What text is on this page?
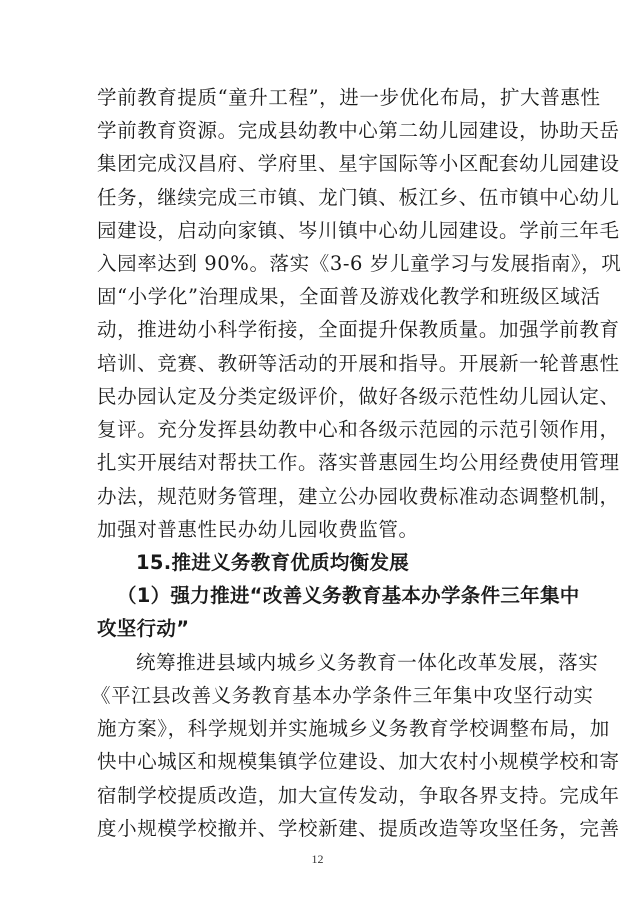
学前教育提质“童升工程”，进一步优化布局，扩大普惠性
学前教育资源。完成县幼教中心第二幼儿园建设，协助天岳
集团完成汉昌府、学府里、星宇国际等小区配套幼儿园建设
任务，继续完成三市镇、龙门镇、板江乡、伍市镇中心幼儿
园建设，启动向家镇、岑川镇中心幼儿园建设。学前三年毛
入园率达到 90%。落实《3-6 岁儿童学习与发展指南》，巩
固“小学化”治理成果，全面普及游戏化教学和班级区域活
动，推进幼小科学衔接，全面提升保教质量。加强学前教育
培训、竞赛、教研等活动的开展和指导。开展新一轮普惠性
民办园认定及分类定级评价，做好各级示范性幼儿园认定、
复评。充分发挥县幼教中心和各级示范园的示范引领作用，
扎实开展结对帮扶工作。落实普惠园生均公用经费使用管理
办法，规范财务管理，建立公办园收费标准动态调整机制，
加强对普惠性民办幼儿园收费监管。
15.推进义务教育优质均衡发展
（1）强力推进“改善义务教育基本办学条件三年集中
攻坚行动”
统筹推进县域内城乡义务教育一体化改革发展，落实
《平江县改善义务教育基本办学条件三年集中攻坚行动实
施方案》，科学规划并实施城乡义务教育学校调整布局，加
快中心城区和规模集镇学位建设、加大农村小规模学校和寄
宿制学校提质改造，加大宣传发动，争取各界支持。完成年
度小规模学校撤并、学校新建、提质改造等攻坚任务，完善
12
